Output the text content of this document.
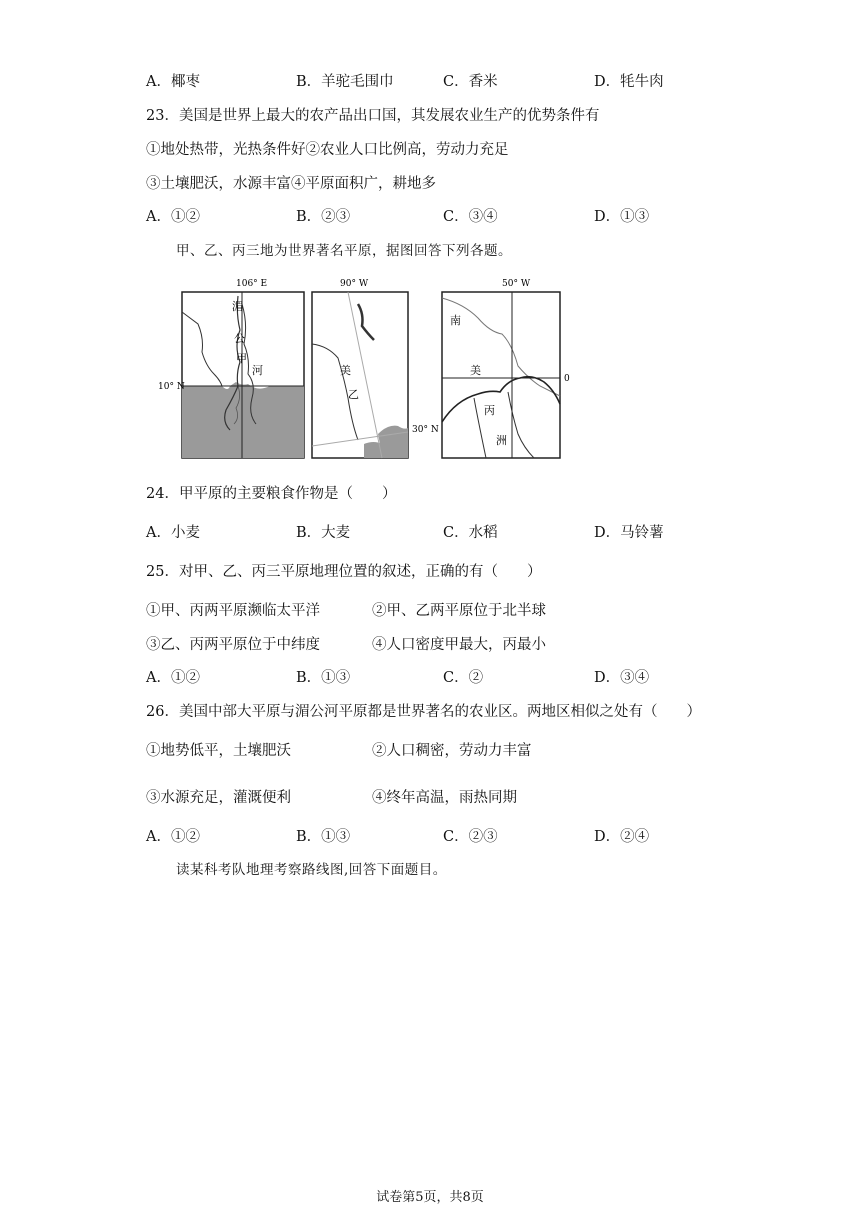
A．椰枣	B．羊驼毛围巾	C．香米	D．牦牛肉
23．美国是世界上最大的农产品出口国，其发展农业生产的优势条件有
①地处热带，光热条件好②农业人口比例高，劳动力充足
③土壤肥沃，水源丰富④平原面积广，耕地多
A．①②	B．②③	C．③④	D．①③
甲、乙、丙三地为世界著名平原，据图回答下列各题。
106° E
10° N
湄
公
甲
河
90° W
30° N
美
乙
50° W
0
南
美
丙
洲
24．甲平原的主要粮食作物是（　　）
A．小麦	B．大麦	C．水稻	D．马铃薯
25．对甲、乙、丙三平原地理位置的叙述，正确的有（　　）
①甲、丙两平原濒临太平洋	②甲、乙两平原位于北半球
③乙、丙两平原位于中纬度	④人口密度甲最大，丙最小
A．①②	B．①③	C．②	D．③④
26．美国中部大平原与湄公河平原都是世界著名的农业区。两地区相似之处有（　　）
①地势低平，土壤肥沃	②人口稠密，劳动力丰富
③水源充足，灌溉便利	④终年高温，雨热同期
A．①②	B．①③	C．②③	D．②④
读某科考队地理考察路线图,回答下面题目。
试卷第5页，共8页
